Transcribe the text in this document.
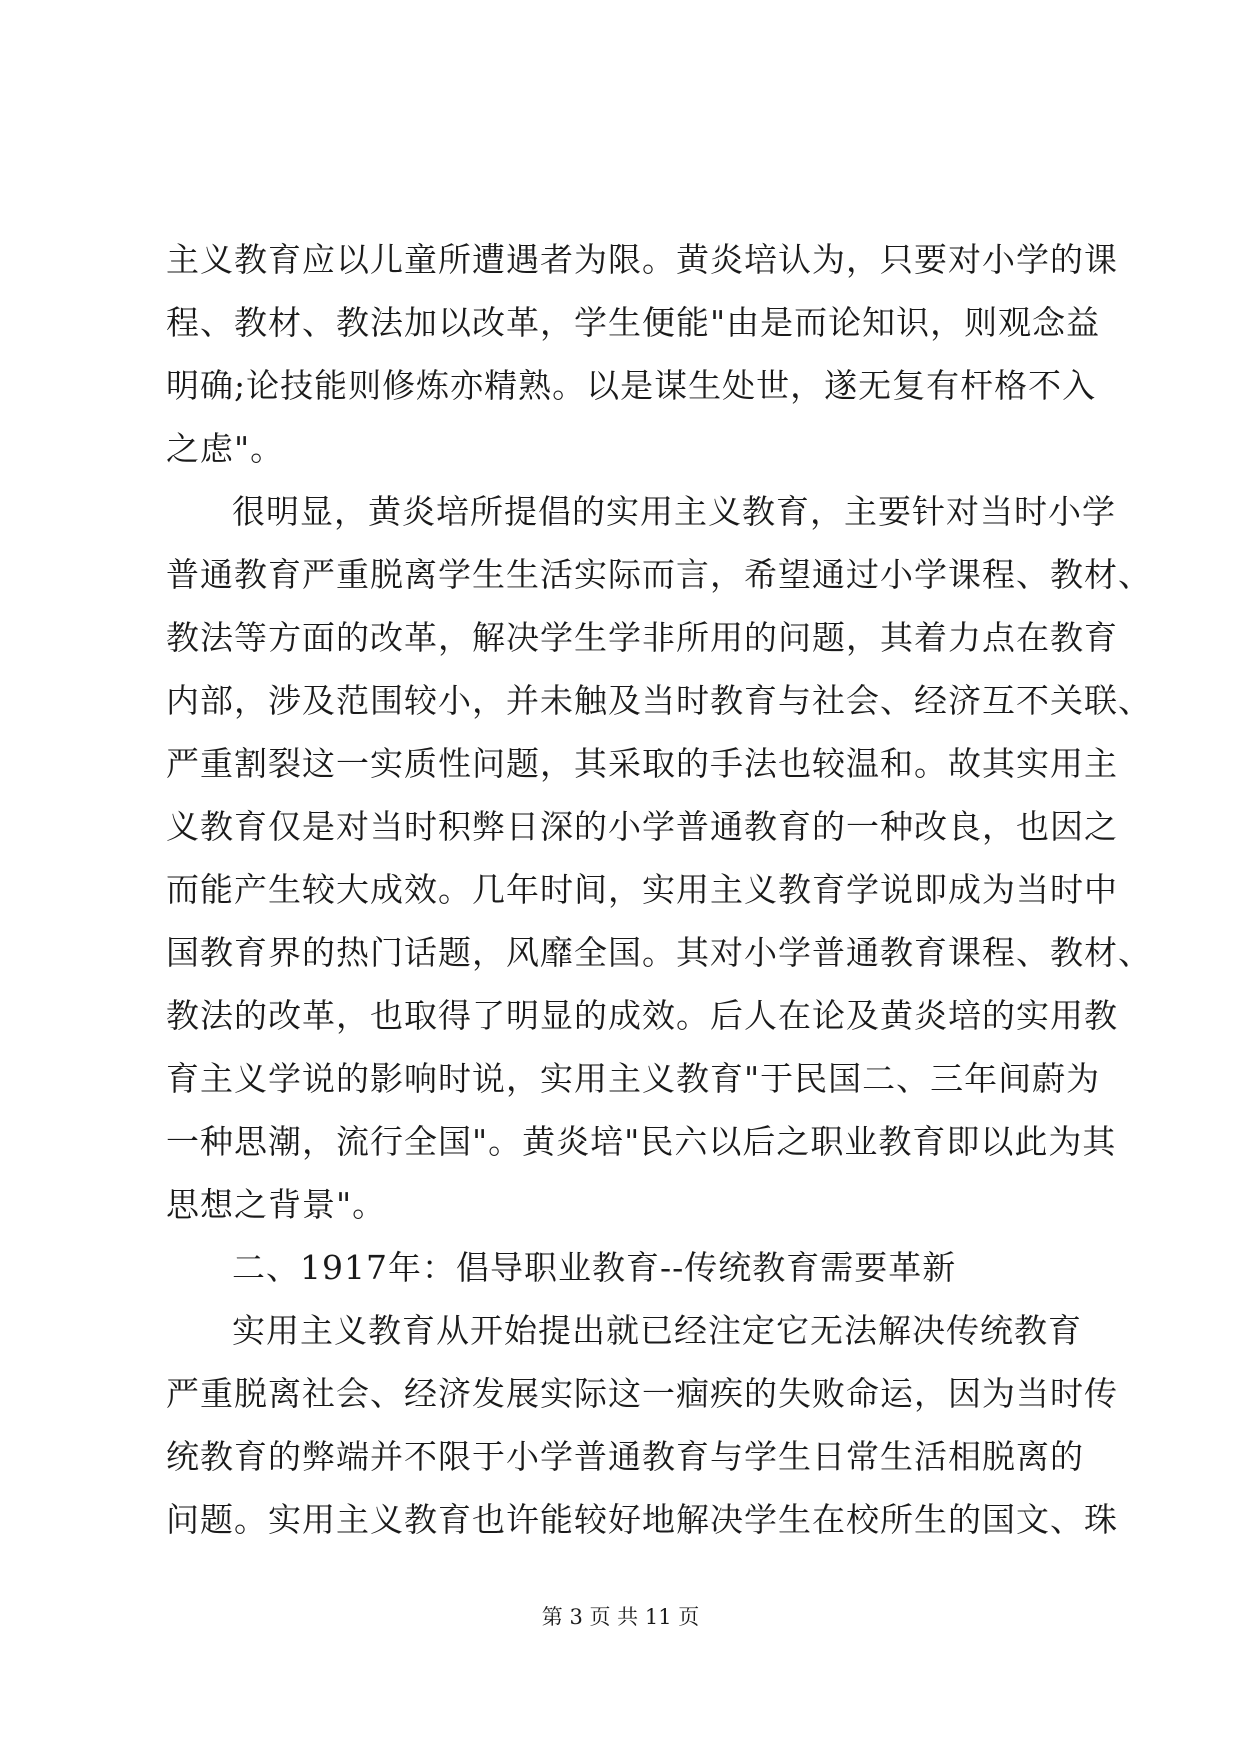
主义教育应以儿童所遭遇者为限。黄炎培认为，只要对小学的课
程、教材、教法加以改革，学生便能"由是而论知识，则观念益
明确;论技能则修炼亦精熟。以是谋生处世，遂无复有杆格不入
之虑"。
很明显，黄炎培所提倡的实用主义教育，主要针对当时小学
普通教育严重脱离学生生活实际而言，希望通过小学课程、教材、
教法等方面的改革，解决学生学非所用的问题，其着力点在教育
内部，涉及范围较小，并未触及当时教育与社会、经济互不关联、
严重割裂这一实质性问题，其采取的手法也较温和。故其实用主
义教育仅是对当时积弊日深的小学普通教育的一种改良，也因之
而能产生较大成效。几年时间，实用主义教育学说即成为当时中
国教育界的热门话题，风靡全国。其对小学普通教育课程、教材、
教法的改革，也取得了明显的成效。后人在论及黄炎培的实用教
育主义学说的影响时说，实用主义教育"于民国二、三年间蔚为
一种思潮，流行全国"。黄炎培"民六以后之职业教育即以此为其
思想之背景"。
二、1917年：倡导职业教育--传统教育需要革新
实用主义教育从开始提出就已经注定它无法解决传统教育
严重脱离社会、经济发展实际这一痼疾的失败命运，因为当时传
统教育的弊端并不限于小学普通教育与学生日常生活相脱离的
问题。实用主义教育也许能较好地解决学生在校所生的国文、珠
第 3 页 共 11 页
